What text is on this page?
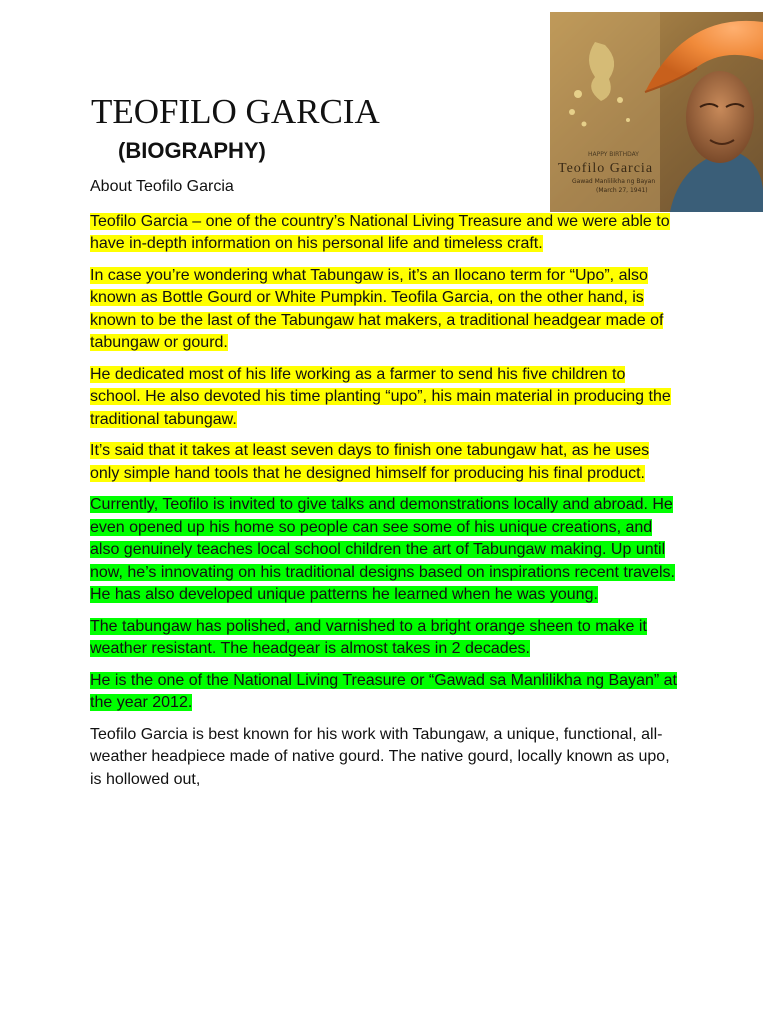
TEOFILO GARCIA
(BIOGRAPHY)	HAPPY BIRTHDAY
Teofilo Garcia
Gawad Manlilikha ng Bayan
(March 27, 1941)

About Teofilo Garcia

Teofilo Garcia – one of the country’s National Living Treasure and we were able to have in-depth information on his personal life and timeless craft.

In case you’re wondering what Tabungaw is, it’s an Ilocano term for “Upo”, also known as Bottle Gourd or White Pumpkin. Teofila Garcia, on the other hand, is known to be the last of the Tabungaw hat makers, a traditional headgear made of tabungaw or gourd.

He dedicated most of his life working as a farmer to send his five children to school. He also devoted his time planting “upo”, his main material in producing the traditional tabungaw.

It’s said that it takes at least seven days to finish one tabungaw hat, as he uses only simple hand tools that he designed himself for producing his final product.

Currently, Teofilo is invited to give talks and demonstrations locally and abroad. He even opened up his home so people can see some of his unique creations, and also genuinely teaches local school children the art of Tabungaw making. Up until now, he’s innovating on his traditional designs based on inspirations recent travels. He has also developed unique patterns he learned when he was young.

The tabungaw has polished, and varnished to a bright orange sheen to make it weather resistant. The headgear is almost takes in 2 decades.

He is the one of the National Living Treasure or “Gawad sa Manlilikha ng Bayan” at the year 2012.

Teofilo Garcia is best known for his work with Tabungaw, a unique, functional, all-weather headpiece made of native gourd. The native gourd, locally known as upo, is hollowed out,
